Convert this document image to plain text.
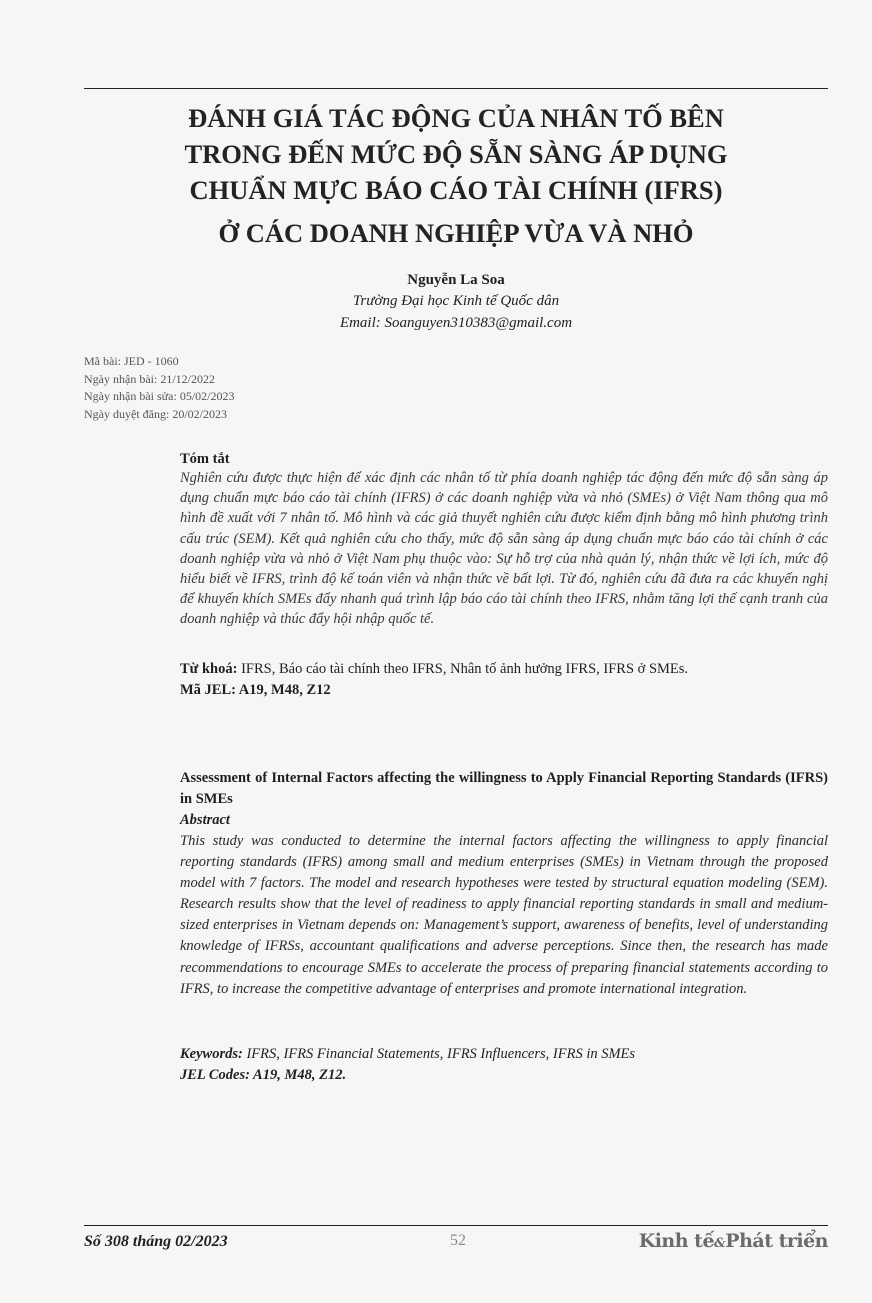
ĐÁNH GIÁ TÁC ĐỘNG CỦA NHÂN TỐ BÊN
TRONG ĐẾN MỨC ĐỘ SẴN SÀNG ÁP DỤNG
CHUẨN MỰC BÁO CÁO TÀI CHÍNH (IFRS)
Ở CÁC DOANH NGHIỆP VỪA VÀ NHỎ

Nguyễn La Soa

Trường Đại học Kinh tế Quốc dân

Email: Soanguyen310383@gmail.com

Mã bài: JED - 1060
Ngày nhận bài: 21/12/2022
Ngày nhận bài sửa: 05/02/2023
Ngày duyệt đăng: 20/02/2023

Tóm tắt

Nghiên cứu được thực hiện để xác định các nhân tố từ phía doanh nghiệp tác động đến mức độ sẵn sàng áp dụng chuẩn mực báo cáo tài chính (IFRS) ở các doanh nghiệp vừa và nhỏ (SMEs) ở Việt Nam thông qua mô hình đề xuất với 7 nhân tố. Mô hình và các giả thuyết nghiên cứu được kiểm định bằng mô hình phương trình cấu trúc (SEM). Kết quả nghiên cứu cho thấy, mức độ sẵn sàng áp dụng chuẩn mực báo cáo tài chính ở các doanh nghiệp vừa và nhỏ ở Việt Nam phụ thuộc vào: Sự hỗ trợ của nhà quản lý, nhận thức về lợi ích, mức độ hiểu biết về IFRS, trình độ kế toán viên và nhận thức về bất lợi. Từ đó, nghiên cứu đã đưa ra các khuyến nghị để khuyến khích SMEs đẩy nhanh quá trình lập báo cáo tài chính theo IFRS, nhằm tăng lợi thế cạnh tranh của doanh nghiệp và thúc đẩy hội nhập quốc tế.

Từ khoá: IFRS, Báo cáo tài chính theo IFRS, Nhân tố ảnh hưởng IFRS, IFRS ở SMEs.

Mã JEL: A19, M48, Z12

Assessment of Internal Factors affecting the willingness to Apply Financial Reporting Standards (IFRS) in SMEs

Abstract

This study was conducted to determine the internal factors affecting the willingness to apply financial reporting standards (IFRS) among small and medium enterprises (SMEs) in Vietnam through the proposed model with 7 factors. The model and research hypotheses were tested by structural equation modeling (SEM). Research results show that the level of readiness to apply financial reporting standards in small and medium-sized enterprises in Vietnam depends on: Management’s support, awareness of benefits, level of understanding knowledge of IFRSs, accountant qualifications and adverse perceptions. Since then, the research has made recommendations to encourage SMEs to accelerate the process of preparing financial statements according to IFRS, to increase the competitive advantage of enterprises and promote international integration.

Keywords: IFRS, IFRS Financial Statements, IFRS Influencers, IFRS in SMEs

JEL Codes: A19, M48, Z12.

Số 308 tháng 02/2023	52	Kinh tế&Phát triển
